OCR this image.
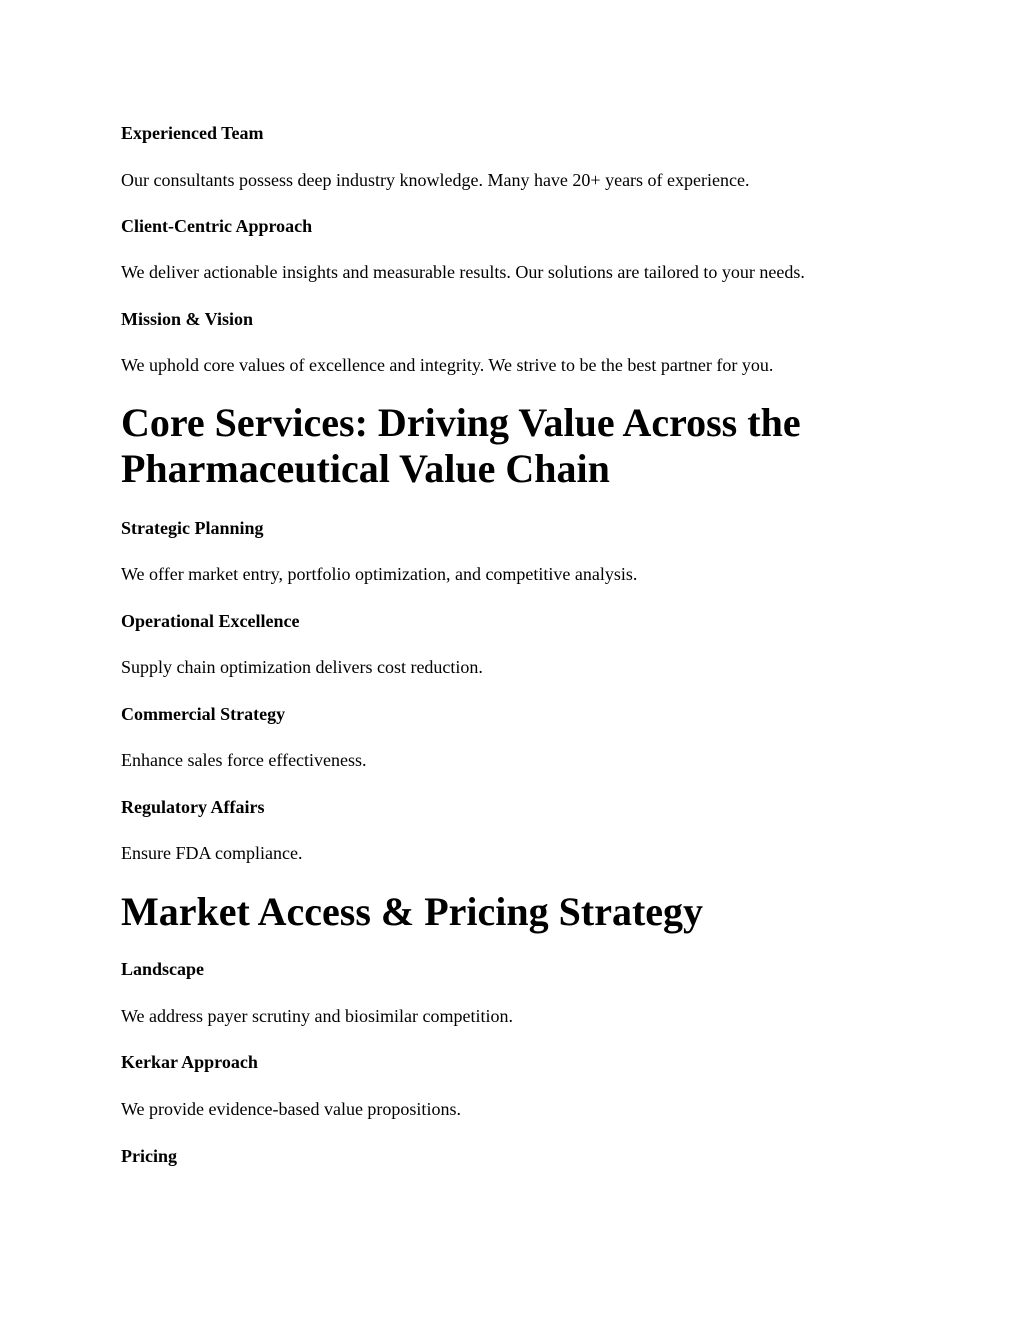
Experienced Team

Our consultants possess deep industry knowledge. Many have 20+ years of experience.

Client-Centric Approach

We deliver actionable insights and measurable results. Our solutions are tailored to your needs.

Mission & Vision

We uphold core values of excellence and integrity. We strive to be the best partner for you.

Core Services: Driving Value Across the
Pharmaceutical Value Chain
Strategic Planning

We offer market entry, portfolio optimization, and competitive analysis.

Operational Excellence

Supply chain optimization delivers cost reduction.

Commercial Strategy

Enhance sales force effectiveness.

Regulatory Affairs

Ensure FDA compliance.

Market Access & Pricing Strategy
Landscape

We address payer scrutiny and biosimilar competition.

Kerkar Approach

We provide evidence-based value propositions.

Pricing
